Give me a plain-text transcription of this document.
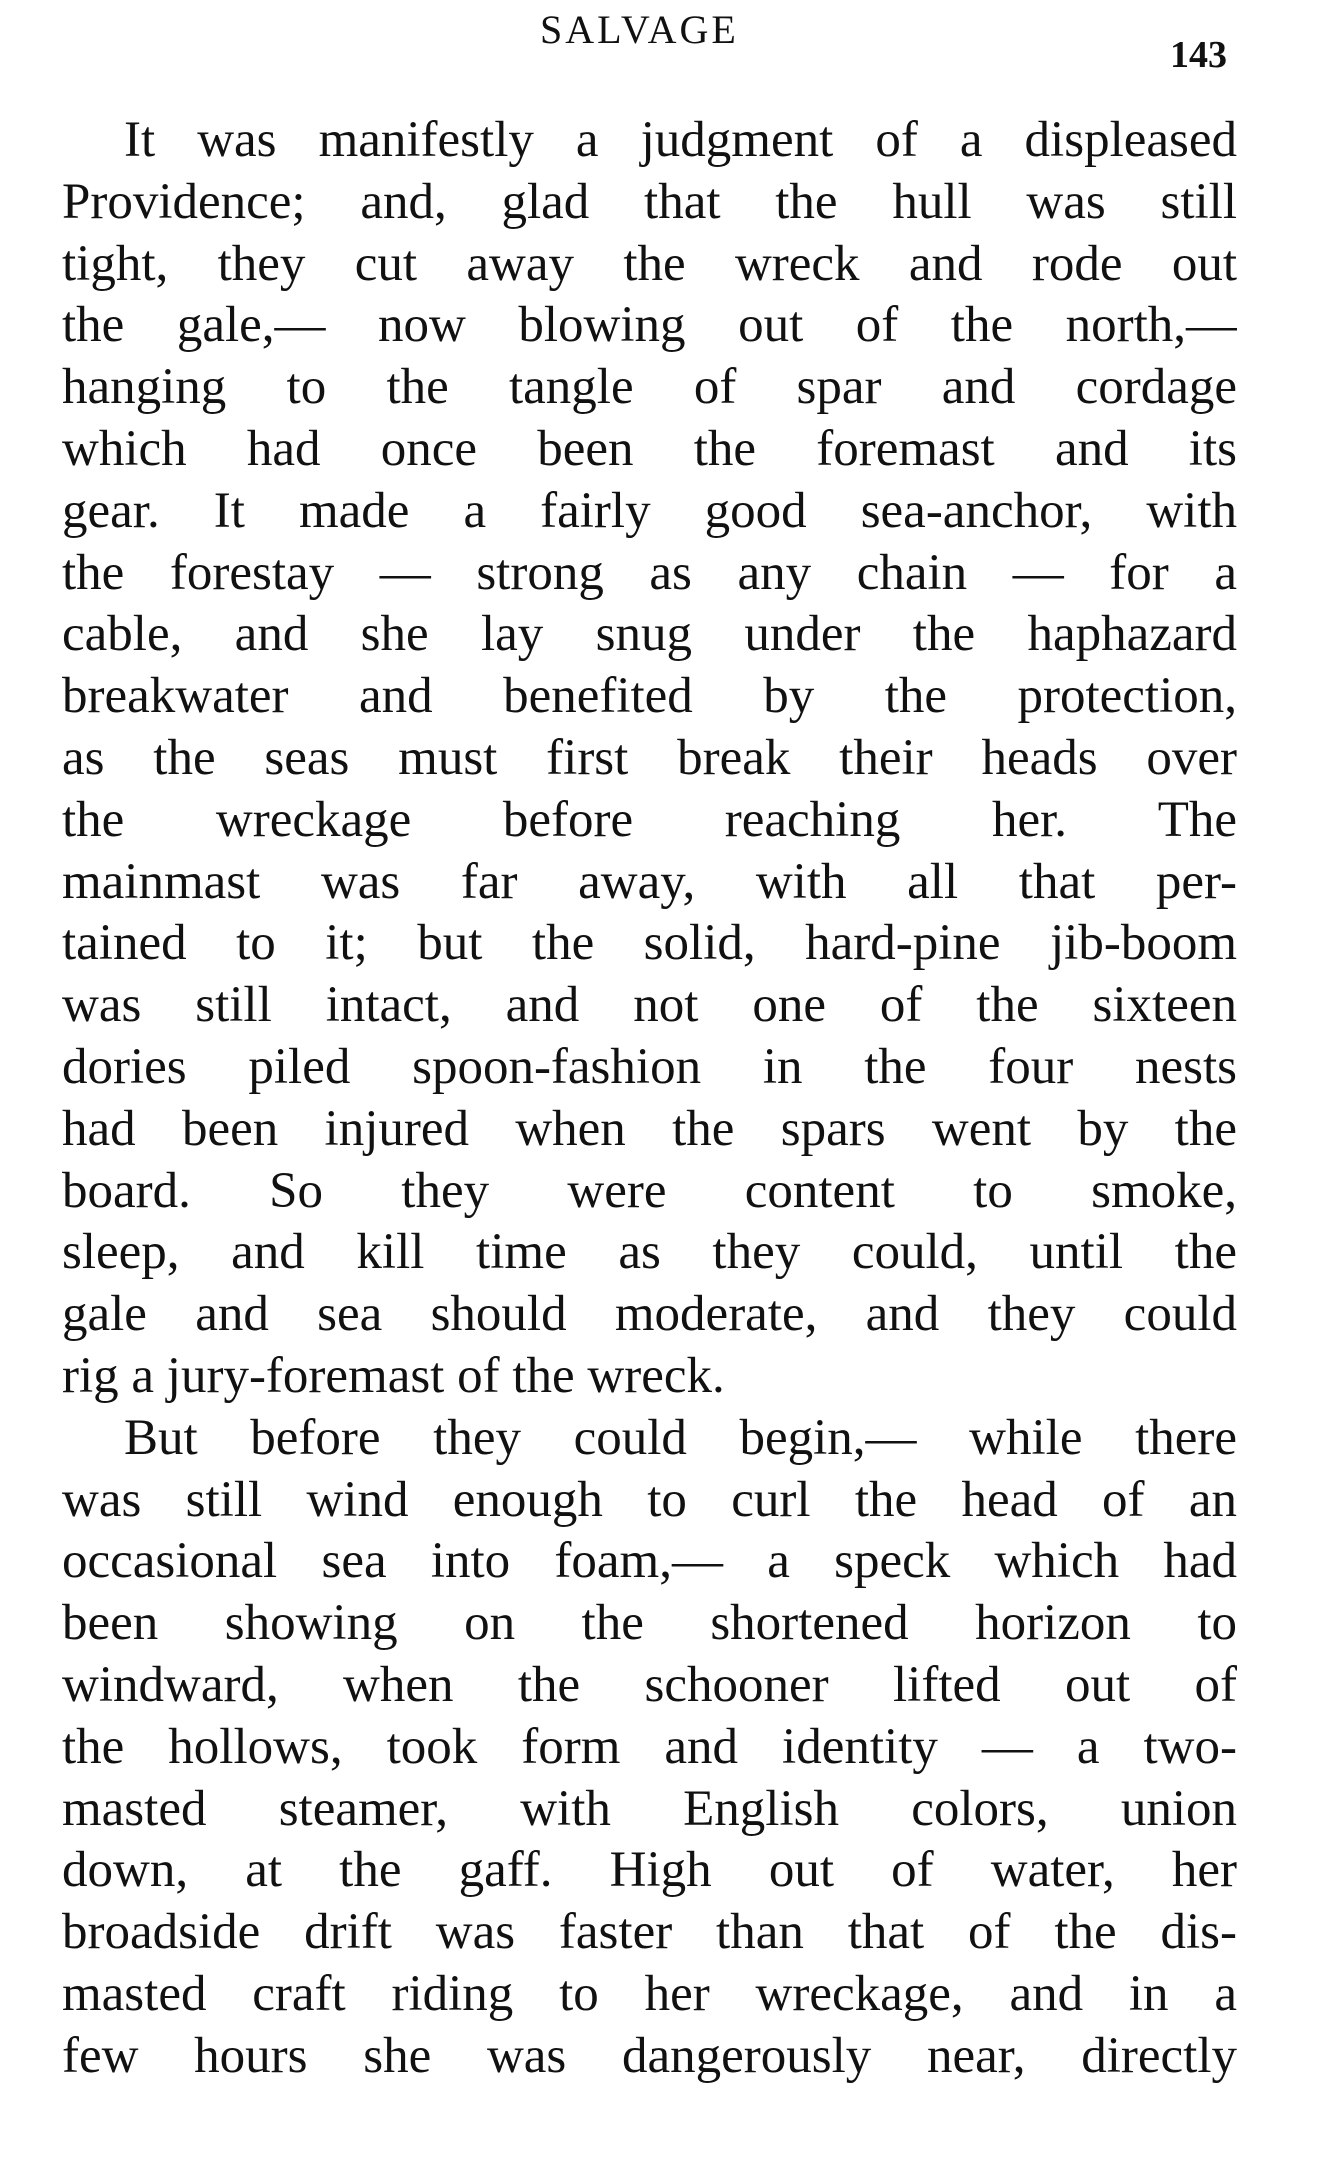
SALVAGE
143
It was manifestly a judgment of a displeased
Providence; and, glad that the hull was still
tight, they cut away the wreck and rode out
the gale,— now blowing out of the north,—
hanging to the tangle of spar and cordage
which had once been the foremast and its
gear. It made a fairly good sea-anchor, with
the forestay — strong as any chain — for a
cable, and she lay snug under the haphazard
breakwater and benefited by the protection,
as the seas must first break their heads over
the wreckage before reaching her. The
mainmast was far away, with all that per-
tained to it; but the solid, hard-pine jib-boom
was still intact, and not one of the sixteen
dories piled spoon-fashion in the four nests
had been injured when the spars went by the
board. So they were content to smoke,
sleep, and kill time as they could, until the
gale and sea should moderate, and they could
rig a jury-foremast of the wreck.
But before they could begin,— while there
was still wind enough to curl the head of an
occasional sea into foam,— a speck which had
been showing on the shortened horizon to
windward, when the schooner lifted out of
the hollows, took form and identity — a two-
masted steamer, with English colors, union
down, at the gaff. High out of water, her
broadside drift was faster than that of the dis-
masted craft riding to her wreckage, and in a
few hours she was dangerously near, directly
